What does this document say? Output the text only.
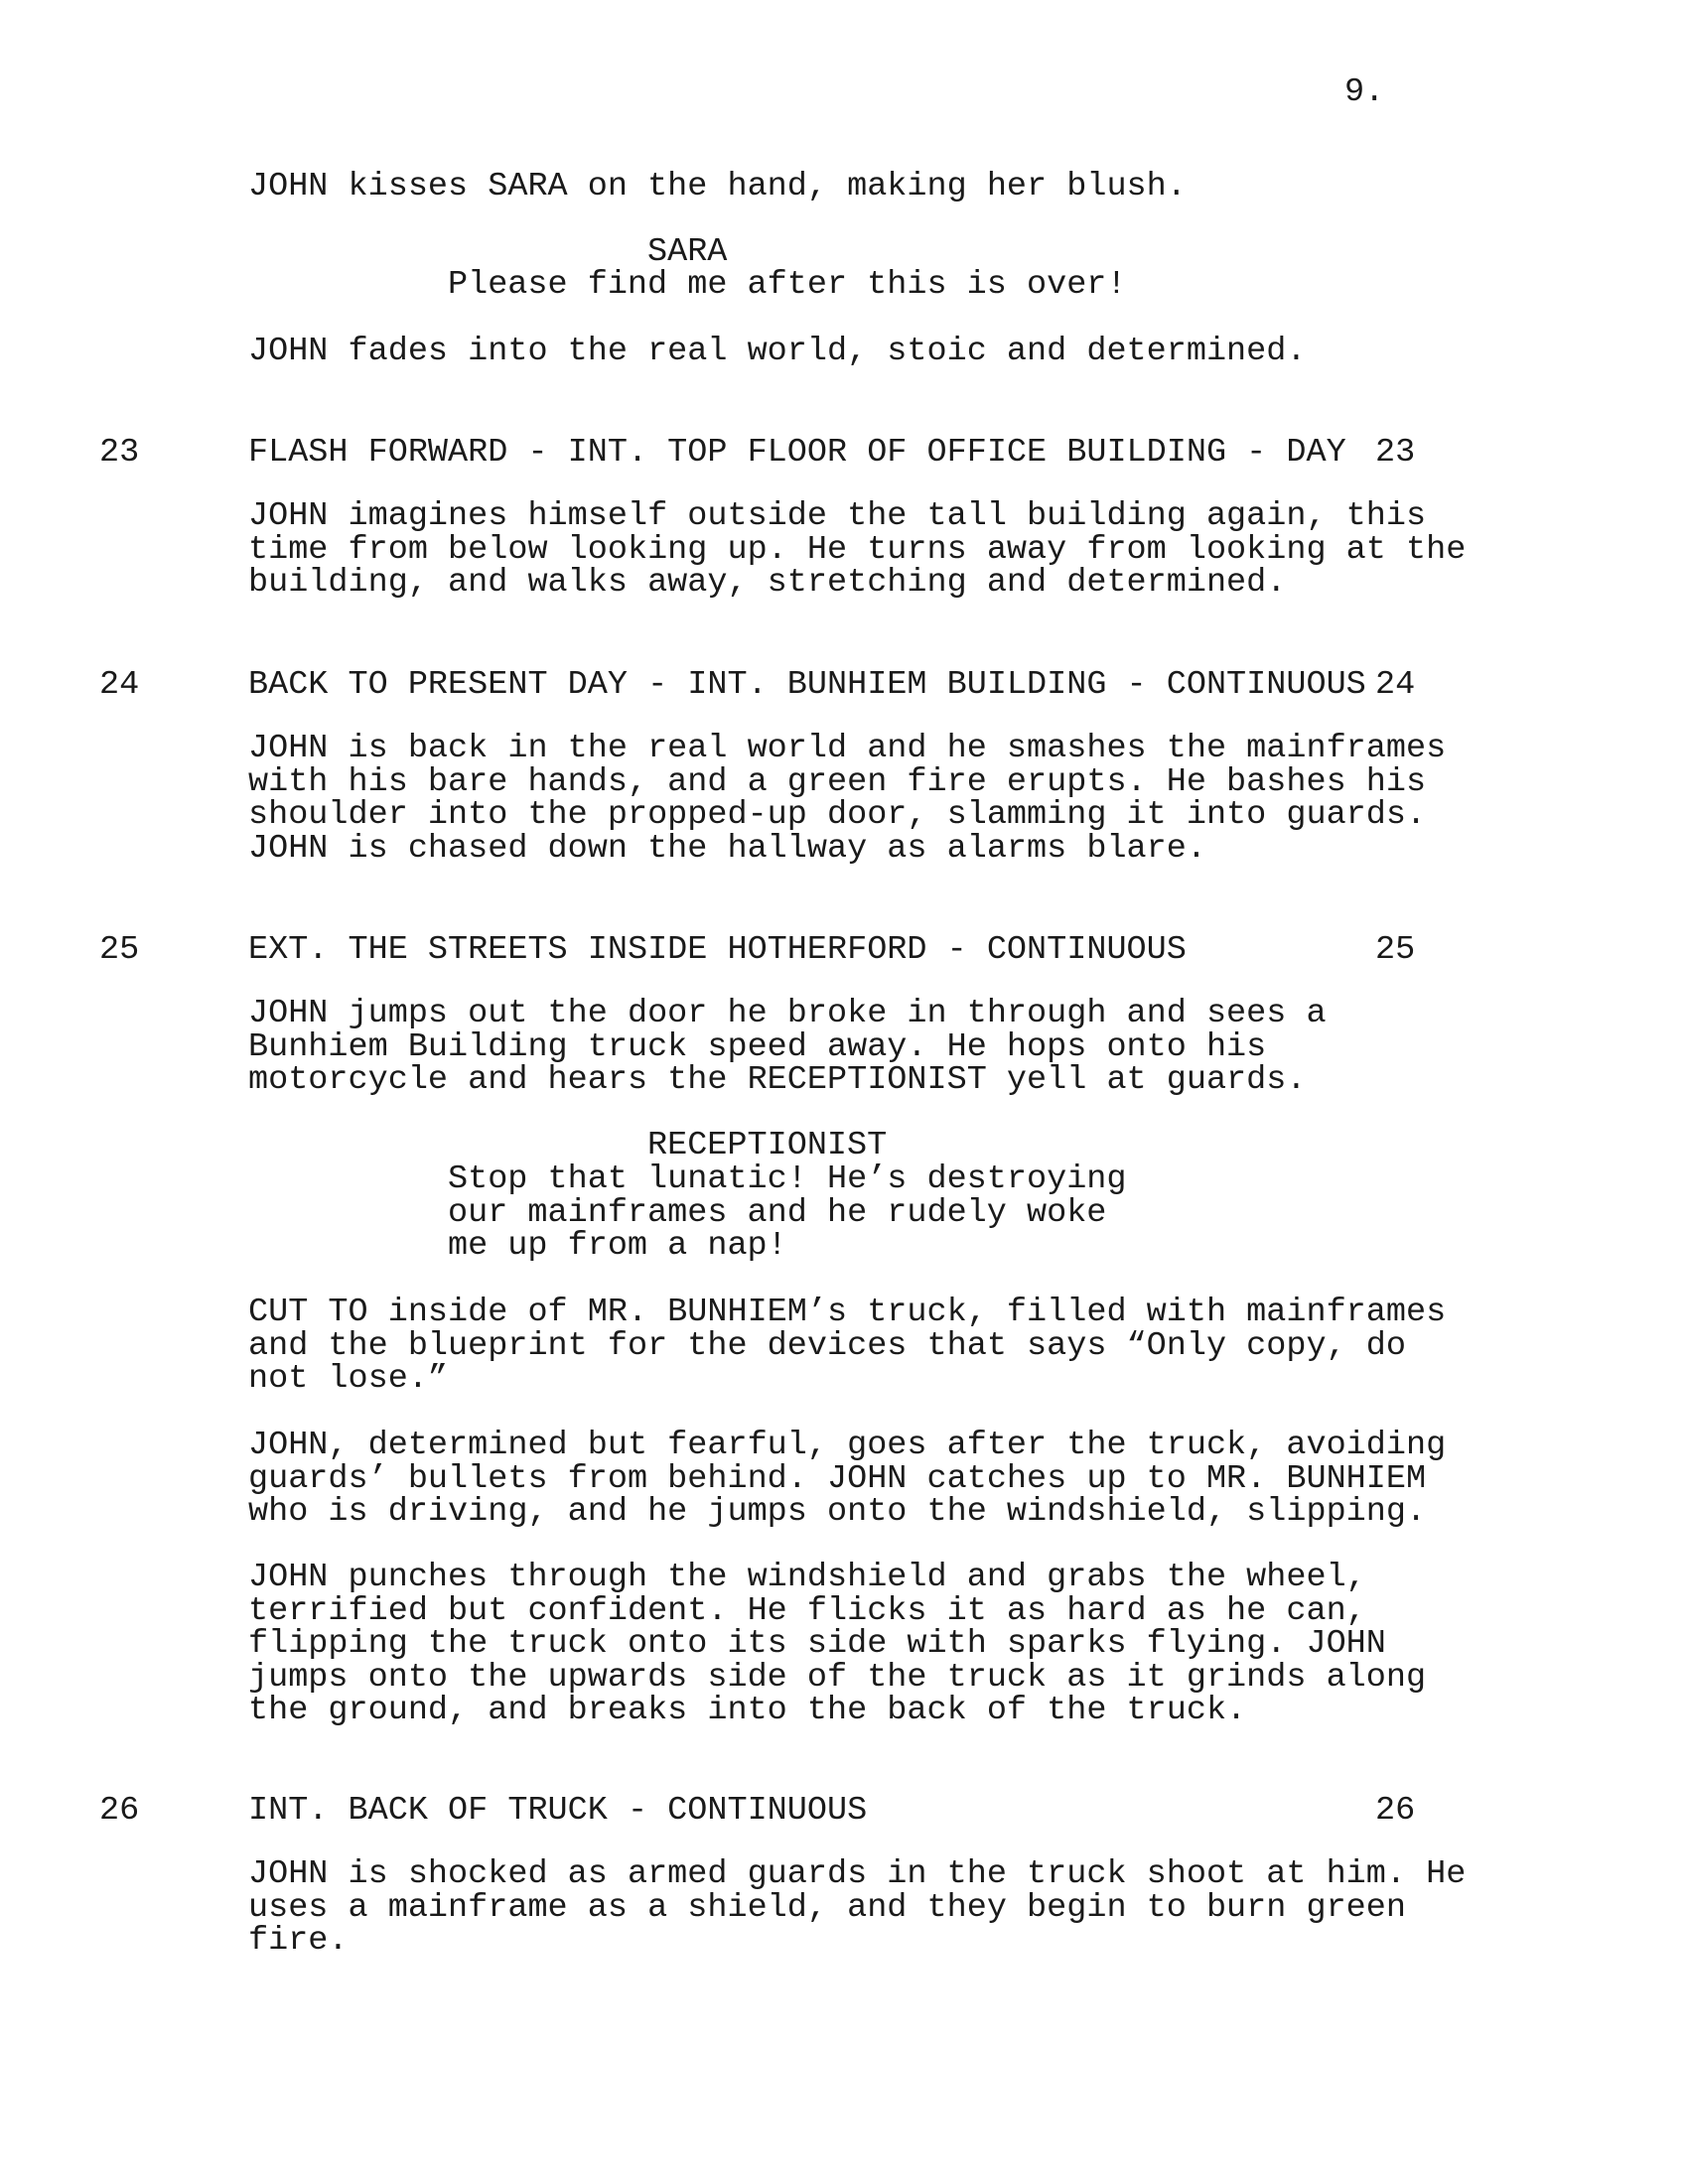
9.
JOHN kisses SARA on the hand, making her blush.
SARA
Please find me after this is over!
JOHN fades into the real world, stoic and determined.
23	FLASH FORWARD - INT. TOP FLOOR OF OFFICE BUILDING - DAY 23
JOHN imagines himself outside the tall building again, this
time from below looking up. He turns away from looking at the
building, and walks away, stretching and determined.
24	BACK TO PRESENT DAY - INT. BUNHIEM BUILDING - CONTINUOUS 24
JOHN is back in the real world and he smashes the mainframes
with his bare hands, and a green fire erupts. He bashes his
shoulder into the propped-up door, slamming it into guards.
JOHN is chased down the hallway as alarms blare.
25	EXT. THE STREETS INSIDE HOTHERFORD - CONTINUOUS	25
JOHN jumps out the door he broke in through and sees a
Bunhiem Building truck speed away. He hops onto his
motorcycle and hears the RECEPTIONIST yell at guards.
RECEPTIONIST
Stop that lunatic! He’s destroying
our mainframes and he rudely woke
me up from a nap!
CUT TO inside of MR. BUNHIEM’s truck, filled with mainframes
and the blueprint for the devices that says “Only copy, do
not lose.”
JOHN, determined but fearful, goes after the truck, avoiding
guards’ bullets from behind. JOHN catches up to MR. BUNHIEM
who is driving, and he jumps onto the windshield, slipping.
JOHN punches through the windshield and grabs the wheel,
terrified but confident. He flicks it as hard as he can,
flipping the truck onto its side with sparks flying. JOHN
jumps onto the upwards side of the truck as it grinds along
the ground, and breaks into the back of the truck.
26	INT. BACK OF TRUCK - CONTINUOUS	26
JOHN is shocked as armed guards in the truck shoot at him. He
uses a mainframe as a shield, and they begin to burn green
fire.
